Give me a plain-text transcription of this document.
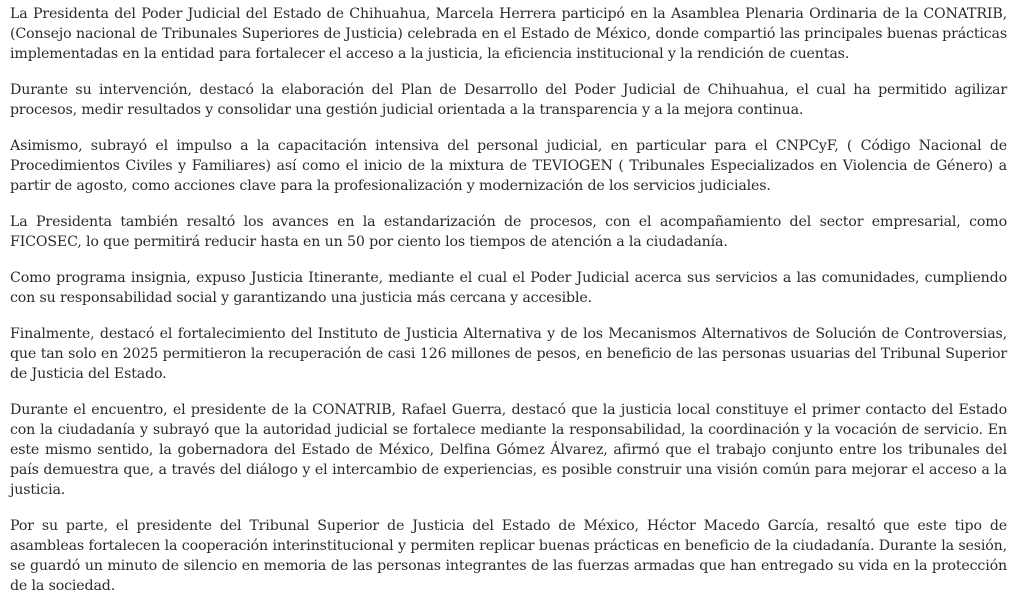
La Presidenta del Poder Judicial del Estado de Chihuahua, Marcela Herrera participó en la Asamblea Plenaria Ordinaria de la CONATRIB, (Consejo nacional de Tribunales Superiores de Justicia) celebrada en el Estado de México, donde compartió las principales buenas prácticas implementadas en la entidad para fortalecer el acceso a la justicia, la eficiencia institucional y la rendición de cuentas.

Durante su intervención, destacó la elaboración del Plan de Desarrollo del Poder Judicial de Chihuahua, el cual ha permitido agilizar procesos, medir resultados y consolidar una gestión judicial orientada a la transparencia y a la mejora continua.

Asimismo, subrayó el impulso a la capacitación intensiva del personal judicial, en particular para el CNPCyF, ( Código Nacional de Procedimientos Civiles y Familiares) así como el inicio de la mixtura de TEVIOGEN ( Tribunales Especializados en Violencia de Género) a partir de agosto, como acciones clave para la profesionalización y modernización de los servicios judiciales.

La Presidenta también resaltó los avances en la estandarización de procesos, con el acompañamiento del sector empresarial, como FICOSEC, lo que permitirá reducir hasta en un 50 por ciento los tiempos de atención a la ciudadanía.

Como programa insignia, expuso Justicia Itinerante, mediante el cual el Poder Judicial acerca sus servicios a las comunidades, cumpliendo con su responsabilidad social y garantizando una justicia más cercana y accesible.

Finalmente, destacó el fortalecimiento del Instituto de Justicia Alternativa y de los Mecanismos Alternativos de Solución de Controversias, que tan solo en 2025 permitieron la recuperación de casi 126 millones de pesos, en beneficio de las personas usuarias del Tribunal Superior de Justicia del Estado.

Durante el encuentro, el presidente de la CONATRIB, Rafael Guerra, destacó que la justicia local constituye el primer contacto del Estado con la ciudadanía y subrayó que la autoridad judicial se fortalece mediante la responsabilidad, la coordinación y la vocación de servicio. En este mismo sentido, la gobernadora del Estado de México, Delfina Gómez Álvarez, afirmó que el trabajo conjunto entre los tribunales del país demuestra que, a través del diálogo y el intercambio de experiencias, es posible construir una visión común para mejorar el acceso a la justicia.

Por su parte, el presidente del Tribunal Superior de Justicia del Estado de México, Héctor Macedo García, resaltó que este tipo de asambleas fortalecen la cooperación interinstitucional y permiten replicar buenas prácticas en beneficio de la ciudadanía. Durante la sesión, se guardó un minuto de silencio en memoria de las personas integrantes de las fuerzas armadas que han entregado su vida en la protección de la sociedad.
